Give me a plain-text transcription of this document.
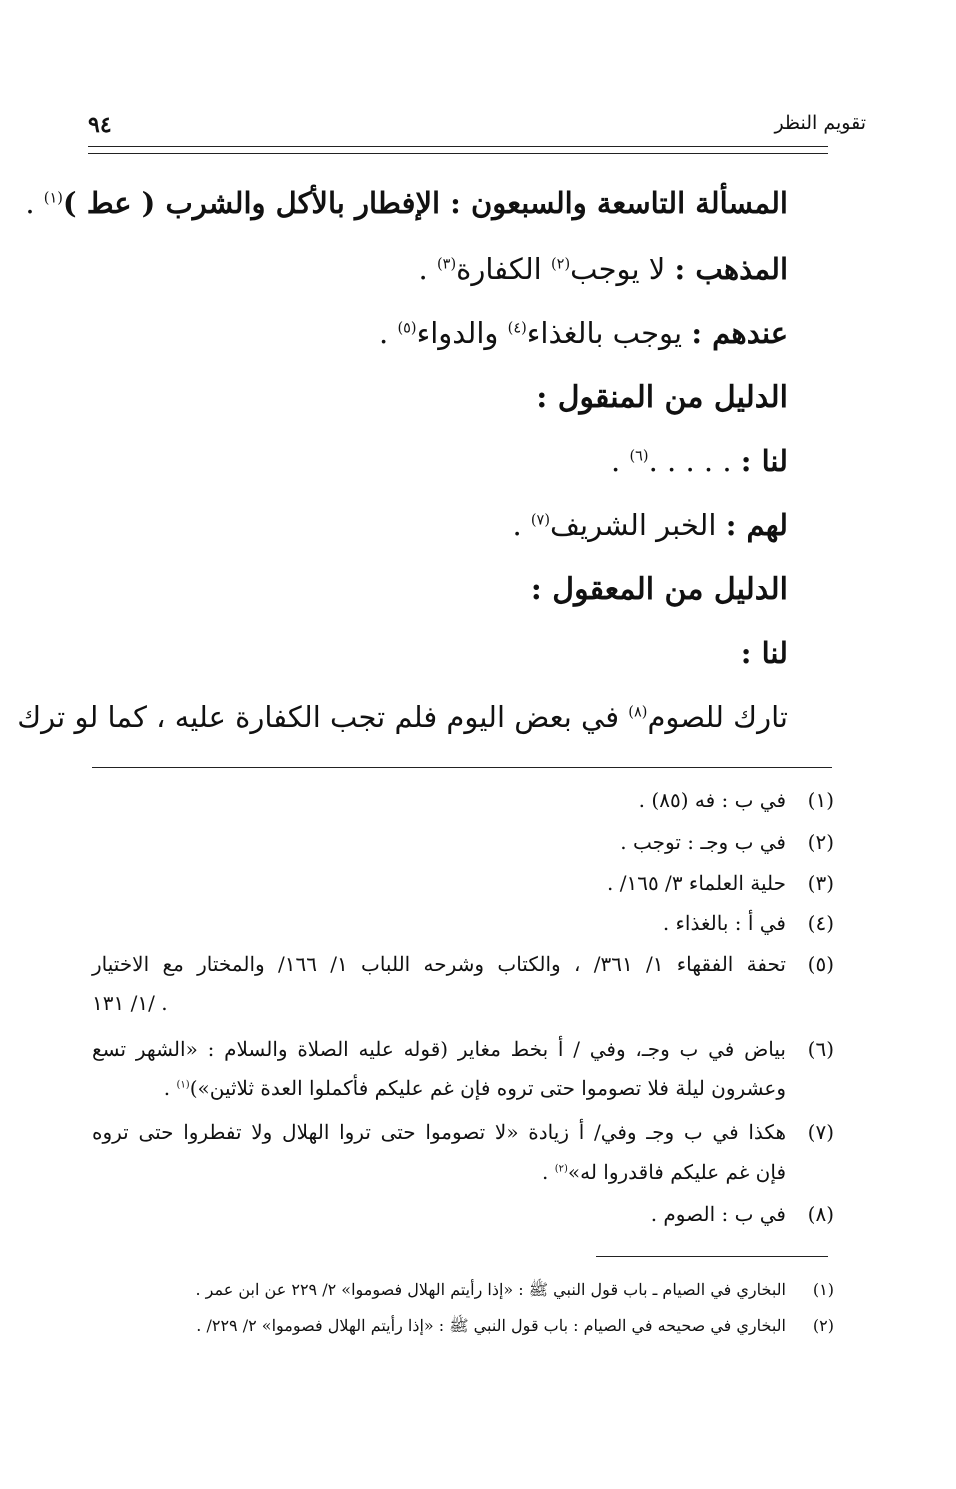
تقويم النظر
٩٤
المسألة التاسعة والسبعون : الإفطار بالأكل والشرب ( عط )$^{(١)}$ .
المذهب : لا يوجب$^{(٢)}$ الكفارة$^{(٣)}$ .
عندهم : يوجب بالغذاء$^{(٤)}$ والدواء$^{(٥)}$ .
الدليل من المنقول :
لنا : . . . . .$^{(٦)}$ .
لهم : الخبر الشريف$^{(٧)}$ .
الدليل من المعقول :
لنا :
تارك للصوم$^{(٨)}$ في بعض اليوم فلم تجب الكفارة عليه ، كما لو ترك
(١)
في ب : فه (٨٥) .
(٢)
في ب وجـ : توجب .
(٣)
حلية العلماء ٣/ ١٦٥/ .
(٤)
في أ : بالغذاء .
(٥)
تحفة الفقهاء ١/ ٣٦١/ ، والكتاب وشرحه اللباب ١/ ١٦٦/ والمختار مع الاختيار
١/ ١٣١/ .
(٦)
بياض في ب وجـ، وفي / أ بخط مغاير (قوله عليه الصلاة والسلام : «الشهر تسع
وعشرون ليلة فلا تصوموا حتى تروه فإن غم عليكم فأكملوا العدة ثلاثين»)$^{(١)}$ .
(٧)
هكذا في ب وجـ وفي/ أ زيادة «لا تصوموا حتى تروا الهلال ولا تفطروا حتى تروه
فإن غم عليكم فاقدروا له»$^{(٢)}$ .
(٨)
في ب : الصوم .
(١)
البخاري في الصيام ـ باب قول النبي ﷺ : «إذا رأيتم الهلال فصوموا» ٢/ ٢٢٩ عن ابن عمر .
(٢)
البخاري في صحيحه في الصيام : باب قول النبي ﷺ : «إذا رأيتم الهلال فصوموا» ٢/ ٢٢٩/ .
